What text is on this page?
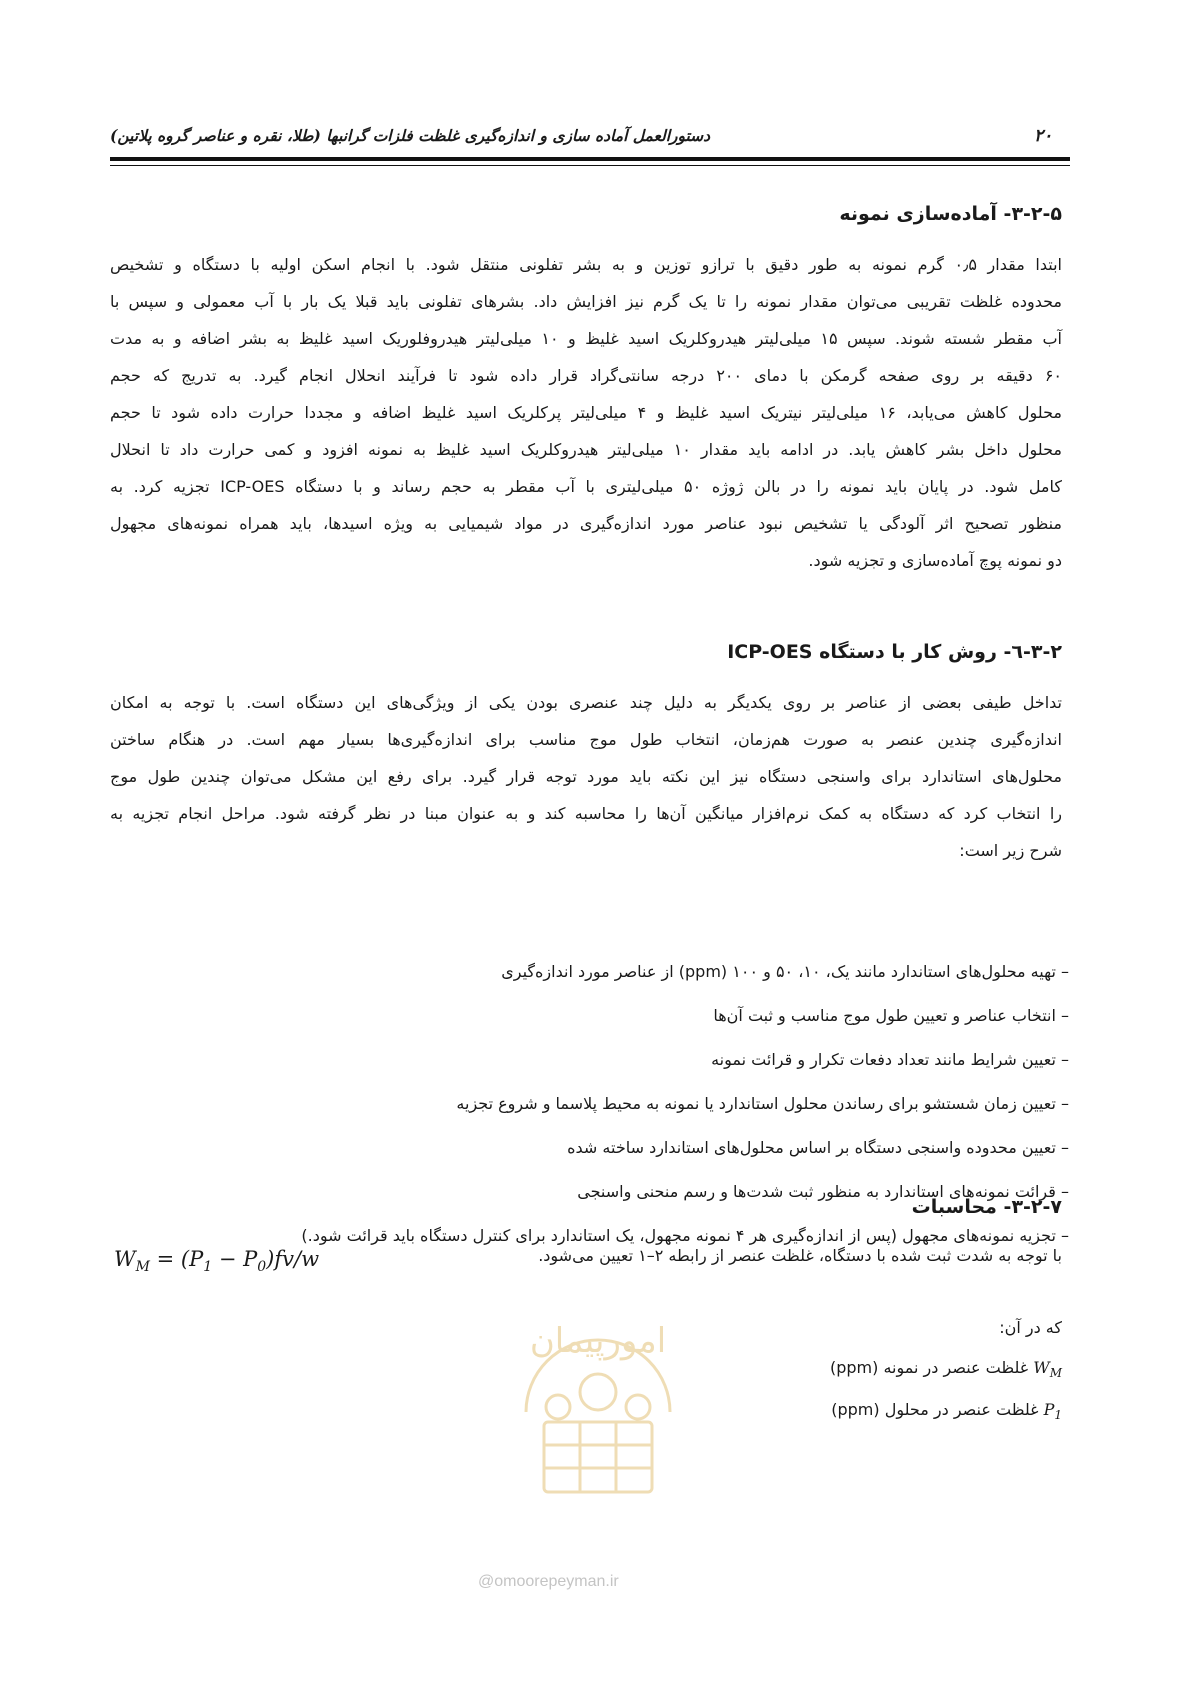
۲۰
دستورالعمل آماده سازی و اندازه‌گیری غلظت فلزات گرانبها (طلا، نقره و عناصر گروه پلاتین)
۳-۲-۵- آماده‌سازی نمونه
ابتدا مقدار ۰٫۵ گرم نمونه به طور دقیق با ترازو توزین و به بشر تفلونی منتقل شود. با انجام اسکن اولیه با دستگاه و تشخیص
محدوده غلظت تقریبی می‌توان مقدار نمونه را تا یک گرم نیز افزایش داد. بشرهای تفلونی باید قبلا یک بار با آب معمولی و سپس با
آب مقطر شسته شوند. سپس ۱۵ میلی‌لیتر هیدروکلریک اسید غلیظ و ۱۰ میلی‌لیتر هیدروفلوریک اسید غلیظ به بشر اضافه و به مدت
۶۰ دقیقه بر روی صفحه گرمکن با دمای ۲۰۰ درجه سانتی‌گراد قرار داده شود تا فرآیند انحلال انجام گیرد. به تدریج که حجم
محلول کاهش می‌یابد، ۱۶ میلی‌لیتر نیتریک اسید غلیظ و ۴ میلی‌لیتر پرکلریک اسید غلیظ اضافه و مجددا حرارت داده شود تا حجم
محلول داخل بشر کاهش یابد. در ادامه باید مقدار ۱۰ میلی‌لیتر هیدروکلریک اسید غلیظ به نمونه افزود و کمی حرارت داد تا انحلال
کامل شود. در پایان باید نمونه را در بالن ژوژه ۵۰ میلی‌لیتری با آب مقطر به حجم رساند و با دستگاه ICP-OES تجزیه کرد. به
منظور تصحیح اثر آلودگی یا تشخیص نبود عناصر مورد اندازه‌گیری در مواد شیمیایی به ویژه اسیدها، باید همراه نمونه‌های مجهول
دو نمونه پوچ آماده‌سازی و تجزیه شود.
۳-۲-٦- روش کار با دستگاه ICP-OES
تداخل طیفی بعضی از عناصر بر روی یکدیگر به دلیل چند عنصری بودن یکی از ویژگی‌های این دستگاه است. با توجه به امکان
اندازه‌گیری چندین عنصر به صورت هم‌زمان، انتخاب طول موج مناسب برای اندازه‌گیری‌ها بسیار مهم است. در هنگام ساختن
محلول‌های استاندارد برای واسنجی دستگاه نیز این نکته باید مورد توجه قرار گیرد. برای رفع این مشکل می‌توان چندین طول موج
را انتخاب کرد که دستگاه به کمک نرم‌افزار میانگین آن‌ها را محاسبه کند و به عنوان مبنا در نظر گرفته شود. مراحل انجام تجزیه به
شرح زیر است:
– تهیه محلول‌های استاندارد مانند یک، ۱۰، ۵۰ و ۱۰۰ (ppm) از عناصر مورد اندازه‌گیری
– انتخاب عناصر و تعیین طول موج مناسب و ثبت آن‌ها
– تعیین شرایط مانند تعداد دفعات تکرار و قرائت نمونه
– تعیین زمان شستشو برای رساندن محلول استاندارد یا نمونه به محیط پلاسما و شروع تجزیه
– تعیین محدوده واسنجی دستگاه بر اساس محلول‌های استاندارد ساخته شده
– قرائت نمونه‌های استاندارد به منظور ثبت شدت‌ها و رسم منحنی واسنجی
– تجزیه نمونه‌های مجهول (پس از اندازه‌گیری هر ۴ نمونه مجهول، یک استاندارد برای کنترل دستگاه باید قرائت شود.)
۳-۲-۷- محاسبات
با توجه به شدت ثبت شده با دستگاه، غلظت عنصر از رابطه ۲–۱ تعیین می‌شود.
$W_M = (P_1 - P_0)fv/w$
که در آن:
$W_M$ غلظت عنصر در نمونه (ppm)
$P_1$ غلظت عنصر در محلول (ppm)
امورپیمان
@omoorepeyman.ir
